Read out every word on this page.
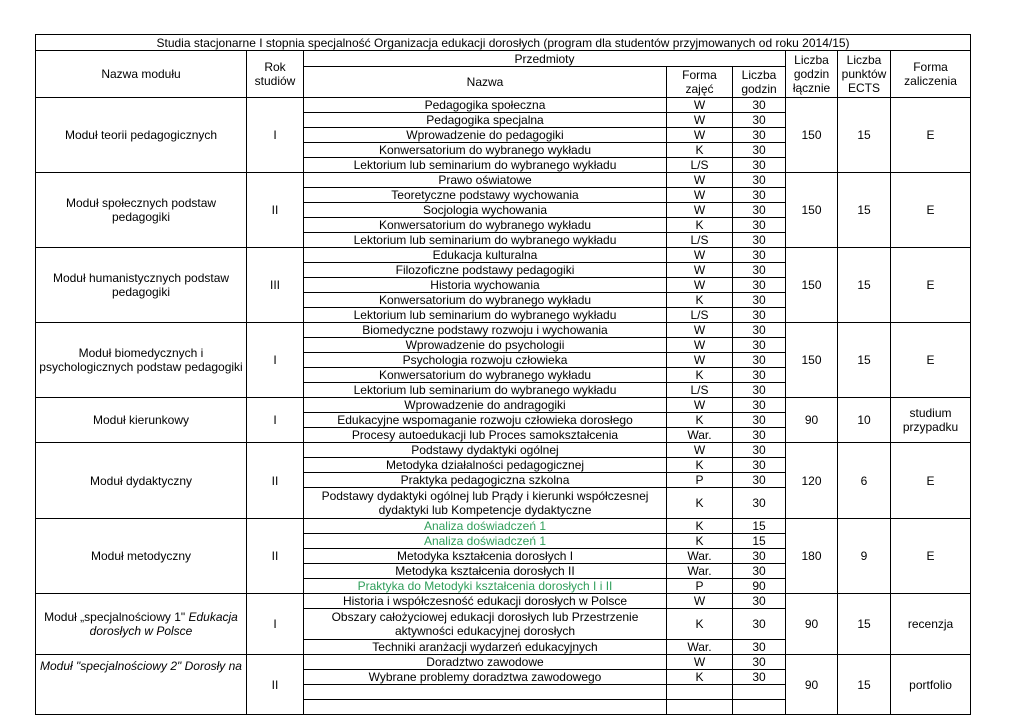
Studia stacjonarne I stopnia specjalność Organizacja edukacji dorosłych (program dla studentów przyjmowanych od roku 2014/15)							
Nazwa modułu	Rok studiów	Przedmioty			Liczba godzin łącznie	Liczba punktów ECTS	Forma zaliczenia
		Nazwa	Forma zajęć	Liczba godzin			
Moduł teorii pedagogicznych	I	Pedagogika społeczna	W	30	150	15	E
		Pedagogika specjalna	W	30			
		Wprowadzenie do pedagogiki	W	30			
		Konwersatorium do wybranego wykładu	K	30			
		Lektorium lub seminarium do wybranego wykładu	L/S	30			
Moduł społecznych podstaw pedagogiki	II	Prawo oświatowe	W	30	150	15	E
		Teoretyczne podstawy wychowania	W	30			
		Socjologia wychowania	W	30			
		Konwersatorium do wybranego wykładu	K	30			
		Lektorium lub seminarium do wybranego wykładu	L/S	30			
Moduł humanistycznych podstaw pedagogiki	III	Edukacja kulturalna	W	30	150	15	E
		Filozoficzne podstawy pedagogiki	W	30			
		Historia wychowania	W	30			
		Konwersatorium do wybranego wykładu	K	30			
		Lektorium lub seminarium do wybranego wykładu	L/S	30			
Moduł biomedycznych i psychologicznych podstaw pedagogiki	I	Biomedyczne podstawy rozwoju i wychowania	W	30	150	15	E
		Wprowadzenie do psychologii	W	30			
		Psychologia rozwoju człowieka	W	30			
		Konwersatorium do wybranego wykładu	K	30			
		Lektorium lub seminarium do wybranego wykładu	L/S	30			
Moduł kierunkowy	I	Wprowadzenie do andragogiki	W	30	90	10	studium przypadku
		Edukacyjne wspomaganie rozwoju człowieka dorosłego	K	30			
		Procesy autoedukacji lub Proces samokształcenia	War.	30			
Moduł dydaktyczny	II	Podstawy dydaktyki ogólnej	W	30	120	6	E
		Metodyka działalności pedagogicznej	K	30			
		Praktyka pedagogiczna szkolna	P	30			
		Podstawy dydaktyki ogólnej lub Prądy i kierunki współczesnej dydaktyki lub Kompetencje dydaktyczne	K	30			
Moduł metodyczny	II	Analiza doświadczeń 1	K	15	180	9	E
		Analiza doświadczeń 1	K	15			
		Metodyka kształcenia dorosłych I	War.	30			
		Metodyka kształcenia dorosłych II	War.	30			
		Praktyka do Metodyki kształcenia dorosłych I i II	P	90			
Moduł „specjalnościowy 1" Edukacja dorosłych w Polsce	I	Historia i współczesność edukacji dorosłych w Polsce	W	30	90	15	recenzja
		Obszary całożyciowej edukacji dorosłych lub Przestrzenie aktywności edukacyjnej dorosłych	K	30			
		Techniki aranżacji wydarzeń edukacyjnych	War.	30			
Moduł "specjalnościowy 2" Dorosły na	II	Doradztwo zawodowe	W	30	90	15	portfolio
		Wybrane problemy doradztwa zawodowego	K	30			
